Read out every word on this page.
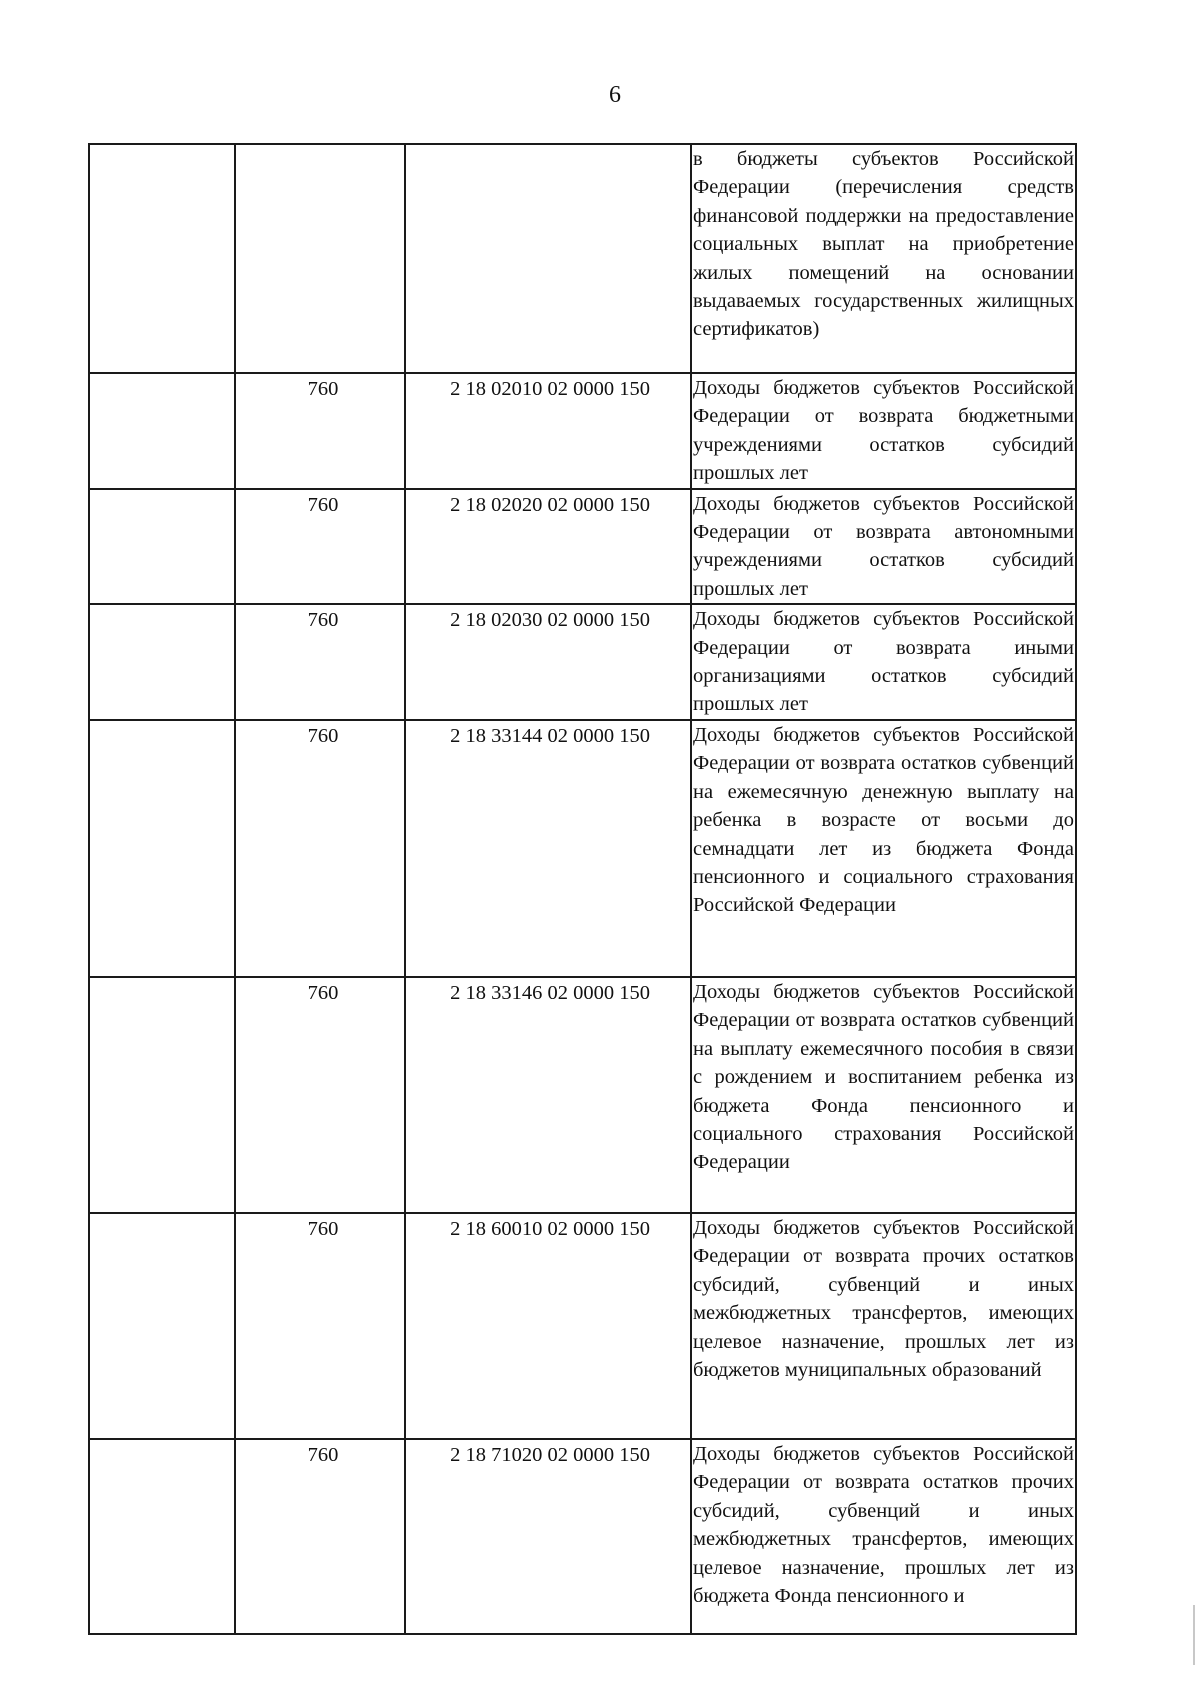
6
			в бюджеты субъектов Российской Федерации (перечисления средств финансовой поддержки на предоставление социальных выплат на приобретение жилых помещений на основании выдаваемых государственных жилищных сертификатов)
	760	2 18 02010 02 0000 150	Доходы бюджетов субъектов Российской Федерации от возврата бюджетными учреждениями остатков субсидий прошлых лет
	760	2 18 02020 02 0000 150	Доходы бюджетов субъектов Российской Федерации от возврата автономными учреждениями остатков субсидий прошлых лет
	760	2 18 02030 02 0000 150	Доходы бюджетов субъектов Российской Федерации от возврата иными организациями остатков субсидий прошлых лет
	760	2 18 33144 02 0000 150	Доходы бюджетов субъектов Российской Федерации от возврата остатков субвенций на ежемесячную денежную выплату на ребенка в возрасте от восьми до семнадцати лет из бюджета Фонда пенсионного и социального страхования Российской Федерации
	760	2 18 33146 02 0000 150	Доходы бюджетов субъектов Российской Федерации от возврата остатков субвенций на выплату ежемесячного пособия в связи с рождением и воспитанием ребенка из бюджета Фонда пенсионного и социального страхования Российской Федерации
	760	2 18 60010 02 0000 150	Доходы бюджетов субъектов Российской Федерации от возврата прочих остатков субсидий, субвенций и иных межбюджетных трансфертов, имеющих целевое назначение, прошлых лет из бюджетов муниципальных образований
	760	2 18 71020 02 0000 150	Доходы бюджетов субъектов Российской Федерации от возврата остатков прочих субсидий, субвенций и иных межбюджетных трансфертов, имеющих целевое назначение, прошлых лет из бюджета Фонда пенсионного и
